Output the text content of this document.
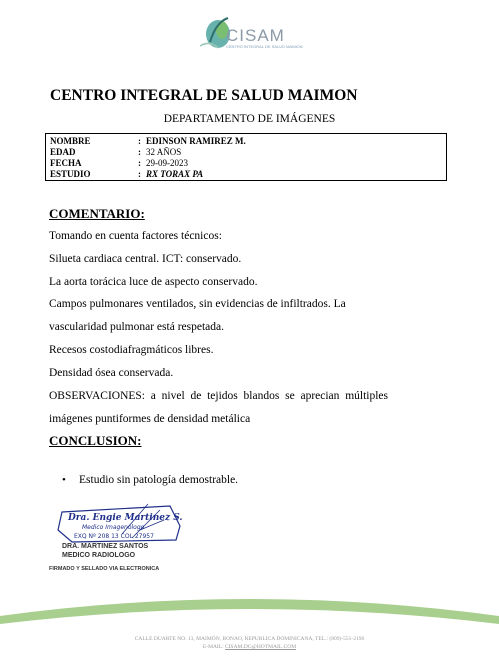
CISAM
CENTRO INTEGRAL DE SALUD MAIMON
CENTRO INTEGRAL DE SALUD MAIMON
DEPARTAMENTO DE IMÁGENES
NOMBRE	: EDINSON RAMIREZ M.
EDAD	: 32 AÑOS
FECHA	: 29-09-2023
ESTUDIO	: RX TORAX PA
COMENTARIO:
Tomando en cuenta factores técnicos:
Silueta cardiaca central. ICT: conservado.
La aorta torácica luce de aspecto conservado.
Campos pulmonares ventilados, sin evidencias de infiltrados. La
vascularidad pulmonar está respetada.
Recesos costodiafragmáticos libres.
Densidad ósea conservada.
OBSERVACIONES: a nivel de tejidos blandos se aprecian múltiples
imágenes puntiformes de densidad metálica
CONCLUSION:
• Estudio sin patología demostrable.
Dra. Engie Martinez S.
Medico Imagenologo
EXQ Nº 208 13 COL 27957
DRA. MARTINEZ SANTOS
MEDICO RADIOLOGO
FIRMADO Y SELLADO VIA ELECTRONICA
CALLE DUARTE NO. 13, MAIMÓN, BONAO, REPUBLICA DOMINICANA, TEL.: (809)-551-2196
E-MAIL: CISAM.DG@HOTMAIL.COM
